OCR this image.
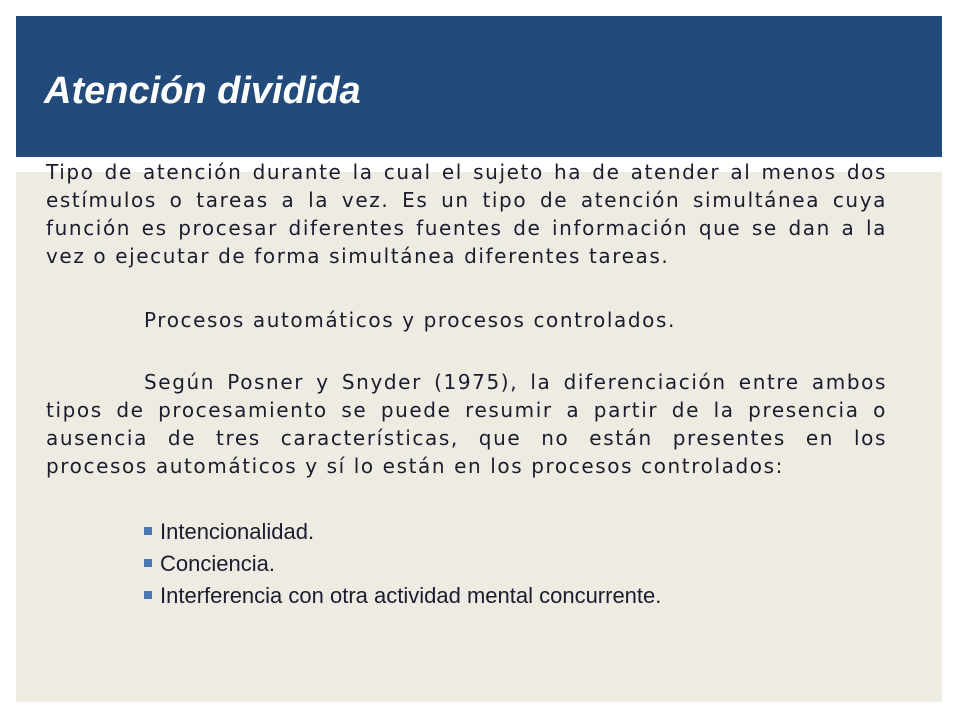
Atención dividida

Tipo de atención durante la cual el sujeto ha de atender al menos dos estímulos o tareas a la vez. Es un tipo de atención simultánea cuya función es procesar diferentes fuentes de información que se dan a la vez o ejecutar de forma simultánea diferentes tareas.

Procesos automáticos y procesos controlados.

Según Posner y Snyder (1975), la diferenciación entre ambos tipos de procesamiento se puede resumir a partir de la presencia o ausencia de tres características, que no están presentes en los procesos automáticos y sí lo están en los procesos controlados:

Intencionalidad.
Conciencia.
Interferencia con otra actividad mental concurrente.
